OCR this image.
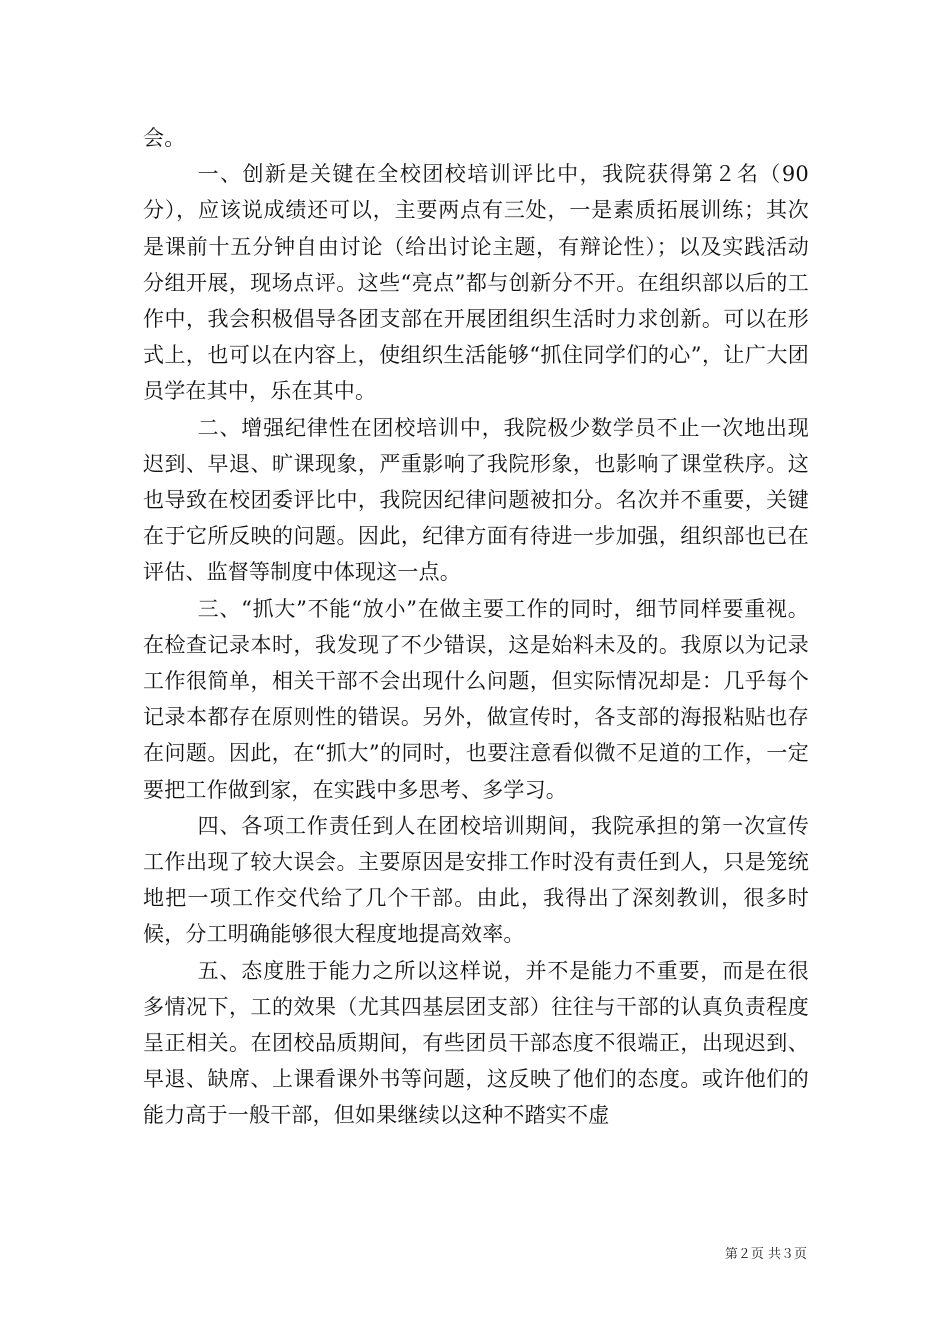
会。

一、创新是关键在全校团校培训评比中，我院获得第２名（90分），应该说成绩还可以，主要两点有三处，一是素质拓展训练；其次是课前十五分钟自由讨论（给出讨论主题，有辩论性）；以及实践活动分组开展，现场点评。这些“亮点”都与创新分不开。在组织部以后的工作中，我会积极倡导各团支部在开展团组织生活时力求创新。可以在形式上，也可以在内容上，使组织生活能够“抓住同学们的心”，让广大团员学在其中，乐在其中。

二、增强纪律性在团校培训中，我院极少数学员不止一次地出现迟到、早退、旷课现象，严重影响了我院形象，也影响了课堂秩序。这也导致在校团委评比中，我院因纪律问题被扣分。名次并不重要，关键在于它所反映的问题。因此，纪律方面有待进一步加强，组织部也已在评估、监督等制度中体现这一点。

三、“抓大”不能“放小”在做主要工作的同时，细节同样要重视。在检查记录本时，我发现了不少错误，这是始料未及的。我原以为记录工作很简单，相关干部不会出现什么问题，但实际情况却是：几乎每个记录本都存在原则性的错误。另外，做宣传时，各支部的海报粘贴也存在问题。因此，在“抓大”的同时，也要注意看似微不足道的工作，一定要把工作做到家，在实践中多思考、多学习。

四、各项工作责任到人在团校培训期间，我院承担的第一次宣传工作出现了较大误会。主要原因是安排工作时没有责任到人，只是笼统地把一项工作交代给了几个干部。由此，我得出了深刻教训，很多时候，分工明确能够很大程度地提高效率。

五、态度胜于能力之所以这样说，并不是能力不重要，而是在很多情况下，工的效果（尤其四基层团支部）往往与干部的认真负责程度呈正相关。在团校品质期间，有些团员干部态度不很端正，出现迟到、早退、缺席、上课看课外书等问题，这反映了他们的态度。或许他们的能力高于一般干部，但如果继续以这种不踏实不虚

第２页 共３页
